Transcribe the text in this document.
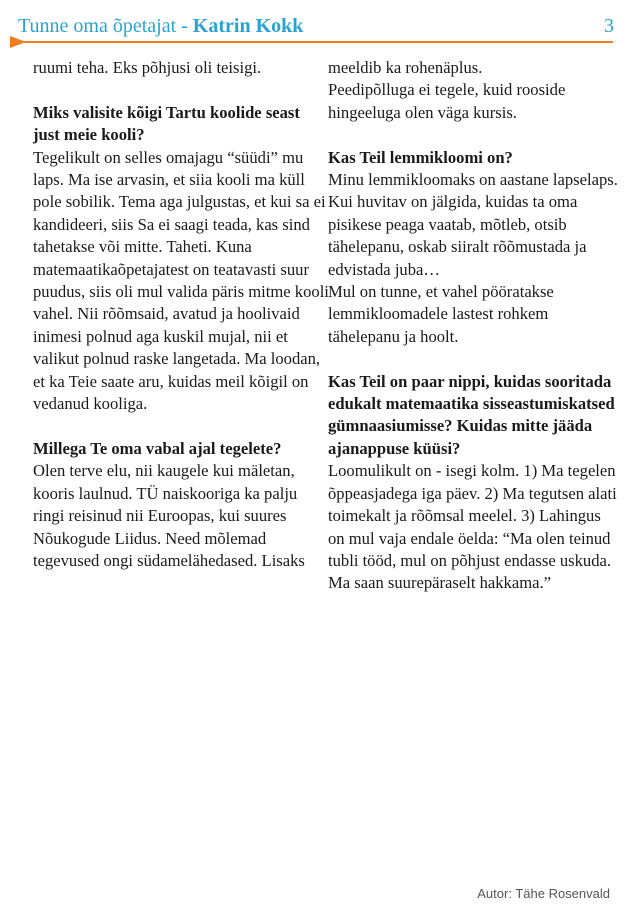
Tunne oma õpetajat - Katrin Kokk	3

ruumi teha. Eks põhjusi oli teisigi.

Miks valisite kõigi Tartu koolide seast just meie kooli?
Tegelikult on selles omajagu “süüdi” mu laps. Ma ise arvasin, et siia kooli ma küll pole sobilik. Tema aga julgustas, et kui sa ei kandideeri, siis Sa ei saagi teada, kas sind tahetakse või mitte. Taheti. Kuna matemaatikaõpetajatest on teatavasti suur puudus, siis oli mul valida päris mitme kooli vahel. Nii rõõmsaid, avatud ja hoolivaid inimesi polnud aga kuskil mujal, nii et valikut polnud raske langetada. Ma loodan, et ka Teie saate aru, kuidas meil kõigil on vedanud kooliga.

Millega Te oma vabal ajal tegelete?
Olen terve elu, nii kaugele kui mäletan, kooris laulnud. TÜ naiskooriga ka palju ringi reisinud nii Euroopas, kui suures Nõukogude Liidus. Need mõlemad tegevused ongi südamelähedased. Lisaks

meeldib ka rohenäplus.
Peedipõlluga ei tegele, kuid rooside hingeeluga olen väga kursis.

Kas Teil lemmikloomi on?
Minu lemmikloomaks on aastane lapselaps. Kui huvitav on jälgida, kuidas ta oma pisikese peaga vaatab, mõtleb, otsib tähelepanu, oskab siiralt rõõmustada ja edvistada juba…
Mul on tunne, et vahel pööratakse lemmikloomadele lastest rohkem tähelepanu ja hoolt.

Kas Teil on paar nippi, kuidas sooritada edukalt matemaatika sisseastumiskatsed gümnaasiumisse? Kuidas mitte jääda ajanappuse küüsi?
Loomulikult on - isegi kolm. 1) Ma tegelen õppeasjadega iga päev. 2) Ma tegutsen alati toimekalt ja rõõmsal meelel. 3) Lahingus on mul vaja endale öelda: “Ma olen teinud tubli tööd, mul on põhjust endasse uskuda. Ma saan suurepäraselt hakkama.”

Autor: Tähe Rosenvald
